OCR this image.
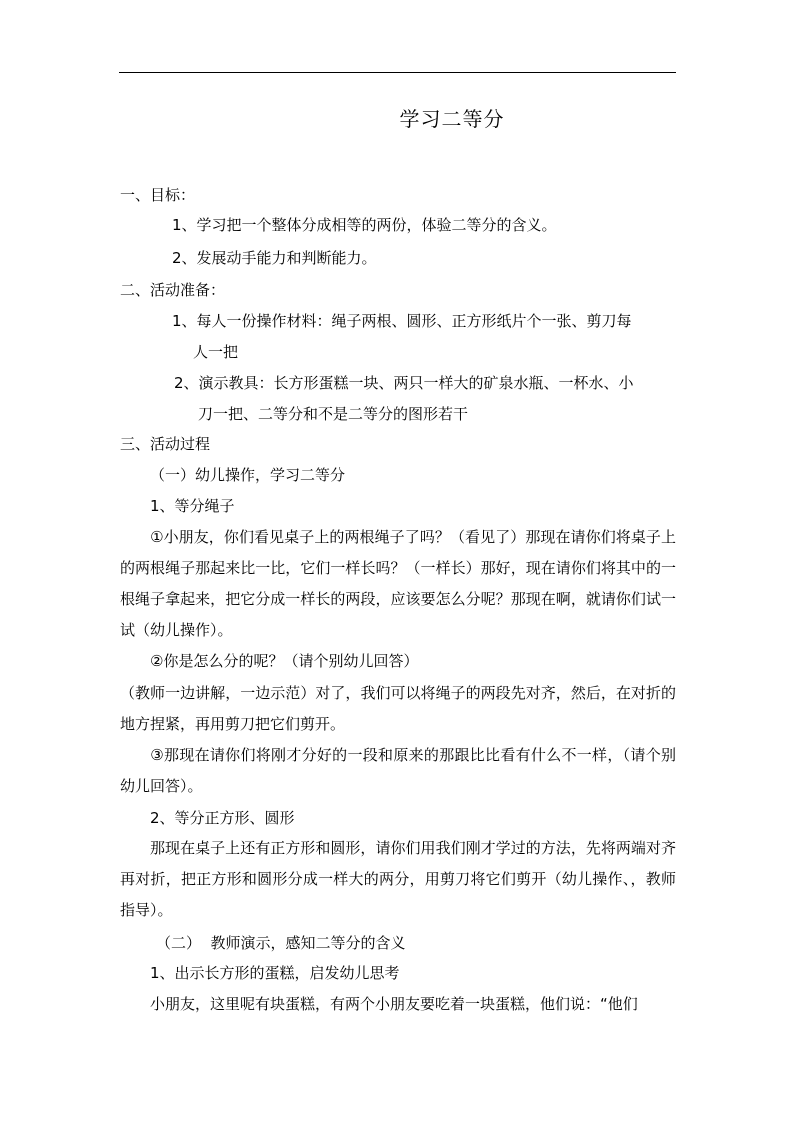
学习二等分
一、目标：
1、学习把一个整体分成相等的两份，体验二等分的含义。
2、发展动手能力和判断能力。
二、活动准备：
1、每人一份操作材料：绳子两根、圆形、正方形纸片个一张、剪刀每
人一把
2、演示教具：长方形蛋糕一块、两只一样大的矿泉水瓶、一杯水、小
刀一把、二等分和不是二等分的图形若干
三、活动过程
（一）幼儿操作，学习二等分
1、等分绳子
①小朋友，你们看见桌子上的两根绳子了吗？（看见了）那现在请你们将桌子上的两根绳子那起来比一比，它们一样长吗？（一样长）那好，现在请你们将其中的一根绳子拿起来，把它分成一样长的两段，应该要怎么分呢？那现在啊，就请你们试一试（幼儿操作）。
②你是怎么分的呢？（请个别幼儿回答）
（教师一边讲解，一边示范）对了，我们可以将绳子的两段先对齐，然后，在对折的地方捏紧，再用剪刀把它们剪开。
③那现在请你们将刚才分好的一段和原来的那跟比比看有什么不一样，（请个别幼儿回答）。
2、等分正方形、圆形
那现在桌子上还有正方形和圆形，请你们用我们刚才学过的方法，先将两端对齐再对折，把正方形和圆形分成一样大的两分，用剪刀将它们剪开（幼儿操作、，教师指导）。
（二）  教师演示，感知二等分的含义
1、出示长方形的蛋糕，启发幼儿思考
小朋友，这里呢有块蛋糕，有两个小朋友要吃着一块蛋糕，他们说：“他们
